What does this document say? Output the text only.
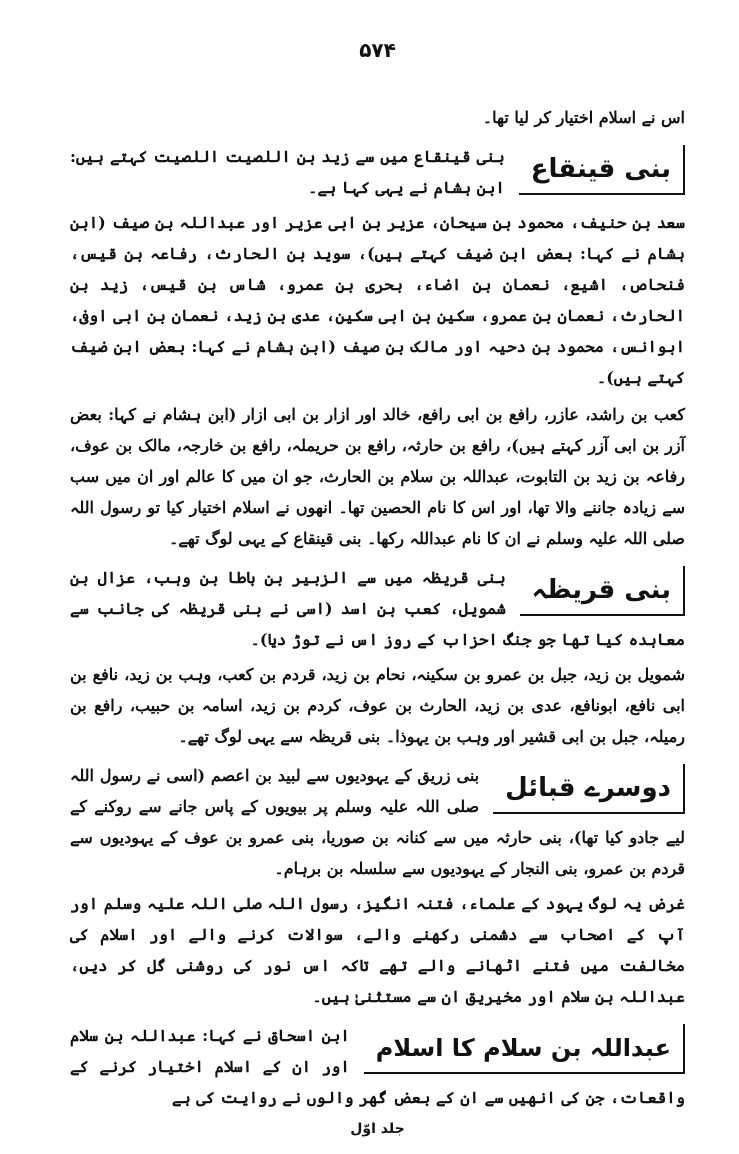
۵۷۴

اس نے اسلام اختیار کر لیا تھا۔

بنی قینقاع
بنی قینقاع میں سے زید بن اللصیت اللصیت کہتے ہیں: ابن ہشام نے یہی کہا ہے۔

سعد بن حنیف، محمود بن سیحان، عزیر بن ابی عزیر اور عبداللہ بن صیف (ابن ہشام نے کہا: بعض ابن ضیف کہتے ہیں)، سوید بن الحارث، رفاعہ بن قیس، فنحاص، اشیع، نعمان بن اضاء، بحری بن عمرو، شاس بن قیس، زید بن الحارث، نعمان بن عمرو، سکین بن ابی سکین، عدی بن زید، نعمان بن ابی اوفی، ابوانس، محمود بن دحیہ اور مالک بن صیف (ابن ہشام نے کہا: بعض ابن ضیف کہتے ہیں)۔

کعب بن راشد، عازر، رافع بن ابی رافع، خالد اور ازار بن ابی ازار (ابن ہشام نے کہا: بعض آزر بن ابی آزر کہتے ہیں)، رافع بن حارثہ، رافع بن حریملہ، رافع بن خارجہ، مالک بن عوف، رفاعہ بن زید بن التابوت، عبداللہ بن سلام بن الحارث، جو ان میں کا عالم اور ان میں سب سے زیادہ جاننے والا تھا، اور اس کا نام الحصین تھا۔ انھوں نے اسلام اختیار کیا تو رسول اللہ صلی اللہ علیہ وسلم نے ان کا نام عبداللہ رکھا۔ بنی قینقاع کے یہی لوگ تھے۔

بنی قریظہ
بنی قریظہ میں سے الزبیر بن باطا بن وہب، عزال بن شمویل، کعب بن اسد (اسی نے بنی قریظہ کی جانب سے معاہدہ کیا تھا جو جنگ احزاب کے روز اس نے توڑ دیا)۔

شمویل بن زید، جبل بن عمرو بن سکینہ، نحام بن زید، قردم بن کعب، وہب بن زید، نافع بن ابی نافع، ابونافع، عدی بن زید، الحارث بن عوف، کردم بن زید، اسامہ بن حبیب، رافع بن رمیلہ، جبل بن ابی قشیر اور وہب بن یہوذا۔ بنی قریظہ سے یہی لوگ تھے۔

دوسرے قبائل
بنی زریق کے یہودیوں سے لبید بن اعصم (اسی نے رسول اللہ صلی اللہ علیہ وسلم پر بیویوں کے پاس جانے سے روکنے کے لیے جادو کیا تھا)، بنی حارثہ میں سے کنانہ بن صوریا، بنی عمرو بن عوف کے یہودیوں سے قردم بن عمرو، بنی النجار کے یہودیوں سے سلسلہ بن برہام۔

غرض یہ لوگ یہود کے علماء، فتنہ انگیز، رسول اللہ صلی اللہ علیہ وسلم اور آپ کے اصحاب سے دشمنی رکھنے والے، سوالات کرنے والے اور اسلام کی مخالفت میں فتنے اٹھانے والے تھے تاکہ اس نور کی روشنی گل کر دیں، عبداللہ بن سلام اور مخیریق ان سے مستثنیٰ ہیں۔

عبداللہ بن سلام کا اسلام
ابن اسحاق نے کہا: عبداللہ بن سلام اور ان کے اسلام اختیار کرنے کے واقعات، جن کی انھیں سے ان کے بعض گھر والوں نے روایت کی ہے
جلد اوّل
